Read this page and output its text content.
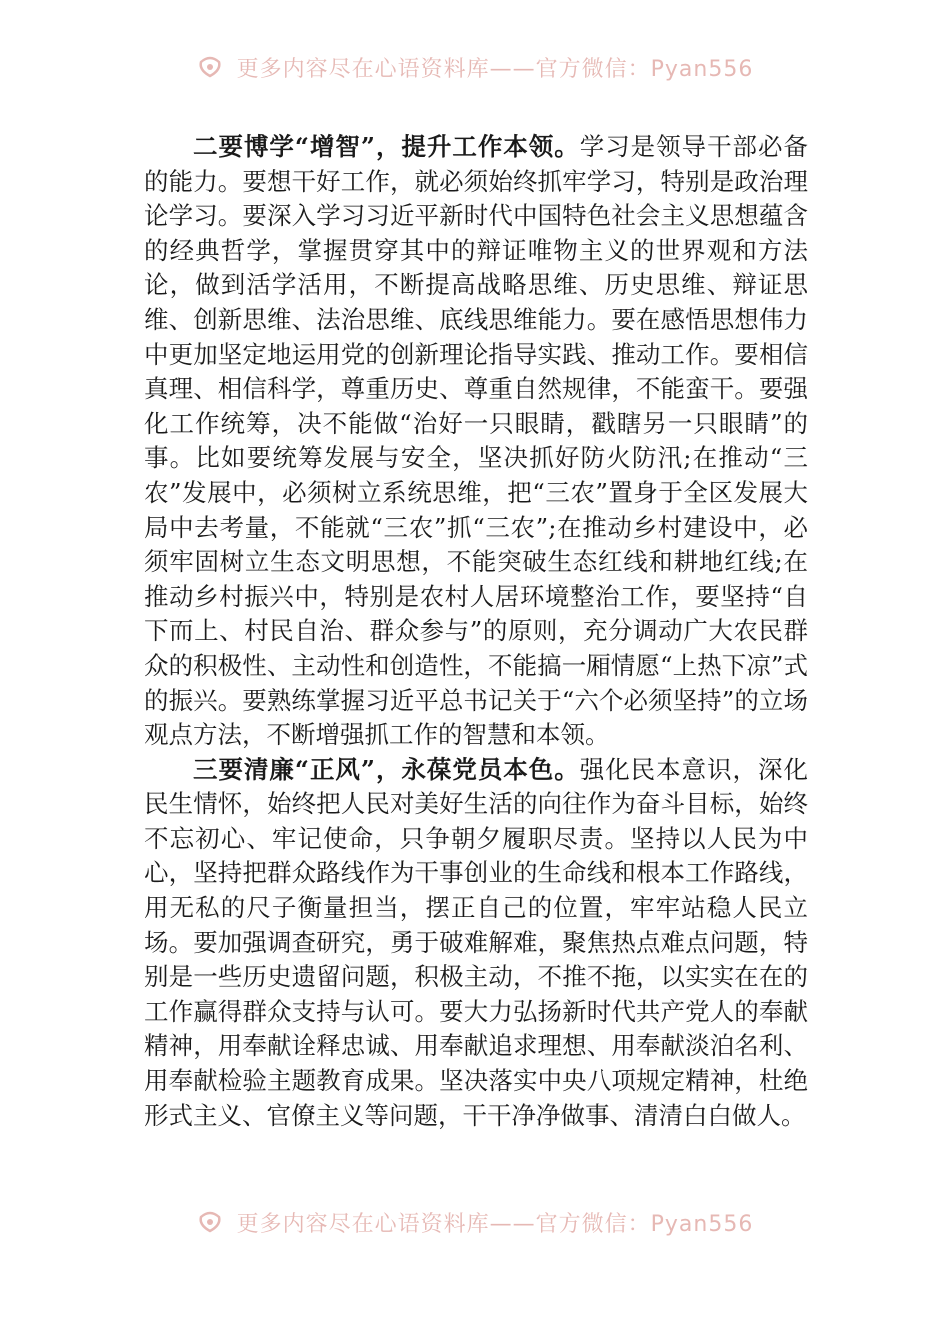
更多内容尽在心语资料库——官方微信：Pyan556

二要博学“增智”，提升工作本领。学习是领导干部必备的能力。要想干好工作，就必须始终抓牢学习，特别是政治理论学习。要深入学习习近平新时代中国特色社会主义思想蕴含的经典哲学，掌握贯穿其中的辩证唯物主义的世界观和方法论，做到活学活用，不断提高战略思维、历史思维、辩证思维、创新思维、法治思维、底线思维能力。要在感悟思想伟力中更加坚定地运用党的创新理论指导实践、推动工作。要相信真理、相信科学，尊重历史、尊重自然规律，不能蛮干。要强化工作统筹，决不能做“治好一只眼睛，戳瞎另一只眼睛”的事。比如要统筹发展与安全，坚决抓好防火防汛;在推动“三农”发展中，必须树立系统思维，把“三农”置身于全区发展大局中去考量，不能就“三农”抓“三农”;在推动乡村建设中，必须牢固树立生态文明思想，不能突破生态红线和耕地红线;在推动乡村振兴中，特别是农村人居环境整治工作，要坚持“自下而上、村民自治、群众参与”的原则，充分调动广大农民群众的积极性、主动性和创造性，不能搞一厢情愿“上热下凉”式的振兴。要熟练掌握习近平总书记关于“六个必须坚持”的立场观点方法，不断增强抓工作的智慧和本领。

三要清廉“正风”，永葆党员本色。强化民本意识，深化民生情怀，始终把人民对美好生活的向往作为奋斗目标，始终不忘初心、牢记使命，只争朝夕履职尽责。坚持以人民为中心，坚持把群众路线作为干事创业的生命线和根本工作路线，用无私的尺子衡量担当，摆正自己的位置，牢牢站稳人民立场。要加强调查研究，勇于破难解难，聚焦热点难点问题，特别是一些历史遗留问题，积极主动，不推不拖，以实实在在的工作赢得群众支持与认可。要大力弘扬新时代共产党人的奉献精神，用奉献诠释忠诚、用奉献追求理想、用奉献淡泊名利、用奉献检验主题教育成果。坚决落实中央八项规定精神，杜绝形式主义、官僚主义等问题，干干净净做事、清清白白做人。

更多内容尽在心语资料库——官方微信：Pyan556
